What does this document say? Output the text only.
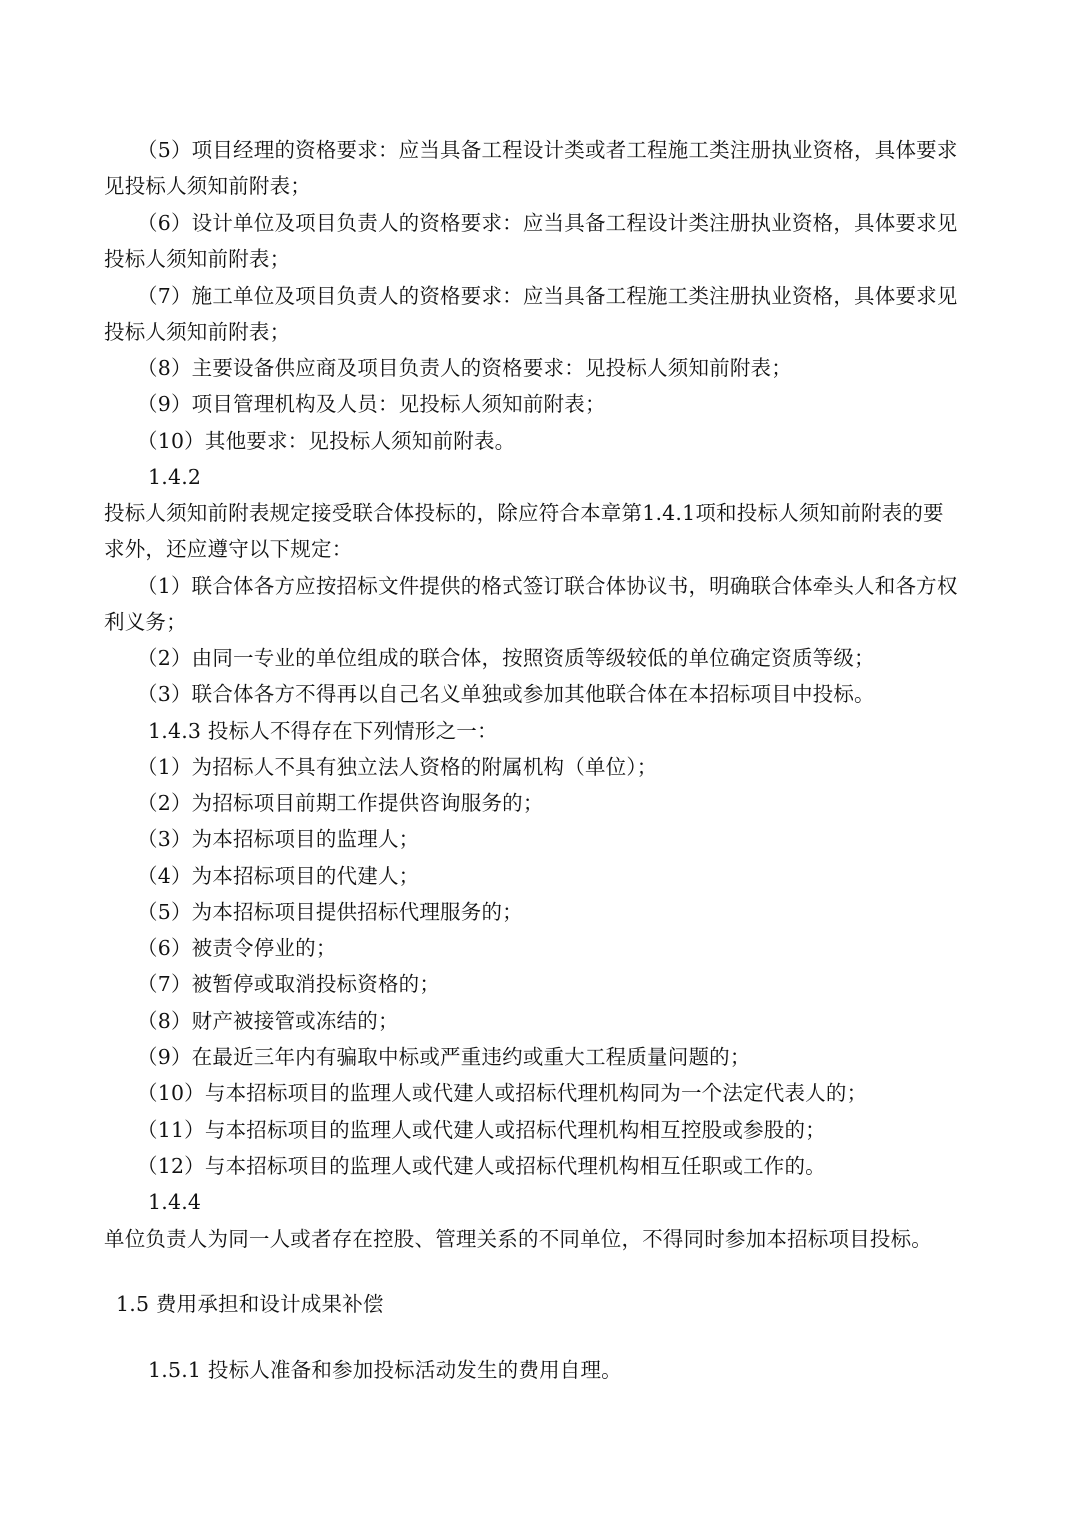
（5）项目经理的资格要求：应当具备工程设计类或者工程施工类注册执业资格，具体要求
见投标人须知前附表；
（6）设计单位及项目负责人的资格要求：应当具备工程设计类注册执业资格，具体要求见
投标人须知前附表；
（7）施工单位及项目负责人的资格要求：应当具备工程施工类注册执业资格，具体要求见
投标人须知前附表；
（8）主要设备供应商及项目负责人的资格要求：见投标人须知前附表；
（9）项目管理机构及人员：见投标人须知前附表；
（10）其他要求：见投标人须知前附表。
1.4.2
投标人须知前附表规定接受联合体投标的，除应符合本章第1.4.1项和投标人须知前附表的要
求外，还应遵守以下规定：
（1）联合体各方应按招标文件提供的格式签订联合体协议书，明确联合体牵头人和各方权
利义务；
（2）由同一专业的单位组成的联合体，按照资质等级较低的单位确定资质等级；
（3）联合体各方不得再以自己名义单独或参加其他联合体在本招标项目中投标。
1.4.3 投标人不得存在下列情形之一：
（1）为招标人不具有独立法人资格的附属机构（单位）；
（2）为招标项目前期工作提供咨询服务的；
（3）为本招标项目的监理人；
（4）为本招标项目的代建人；
（5）为本招标项目提供招标代理服务的；
（6）被责令停业的；
（7）被暂停或取消投标资格的；
（8）财产被接管或冻结的；
（9）在最近三年内有骗取中标或严重违约或重大工程质量问题的；
（10）与本招标项目的监理人或代建人或招标代理机构同为一个法定代表人的；
（11）与本招标项目的监理人或代建人或招标代理机构相互控股或参股的；
（12）与本招标项目的监理人或代建人或招标代理机构相互任职或工作的。
1.4.4
单位负责人为同一人或者存在控股、管理关系的不同单位，不得同时参加本招标项目投标。
1.5 费用承担和设计成果补偿
1.5.1 投标人准备和参加投标活动发生的费用自理。
